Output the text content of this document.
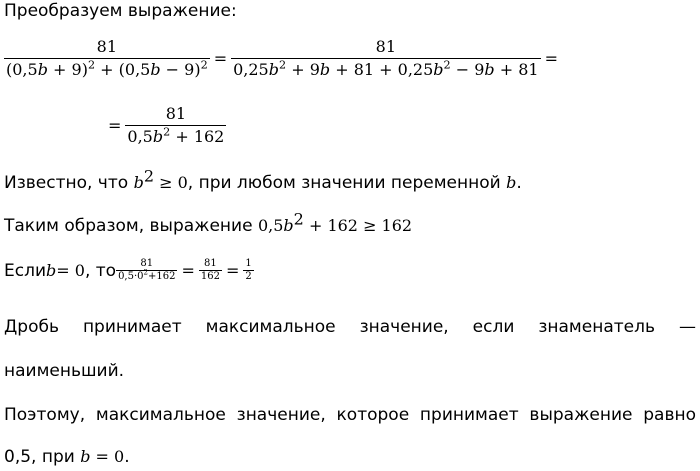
Преобразуем выражение:
$\frac{81}{(0,5b + 9)^2 + (0,5b - 9)^2} = \frac{81}{0,25b^2 + 9b + 81 + 0,25b^2 - 9b + 81}$ =
= $\frac{81}{0,5b^2 + 162}$
Известно, что $b^2 \ge 0$, при любом значении переменной b.
Таким образом, выражение $0,5b^2 + 162 \ge 162$
Если b = 0 , то $\frac{81}{0,5\cdot 0^2+162} = \frac{81}{162} = \frac{1}{2}$
Дробь принимает максимальное значение, если знаменатель —
наименьший.
Поэтому, максимальное значение, которое принимает выражение равно
0,5, при b = 0.
